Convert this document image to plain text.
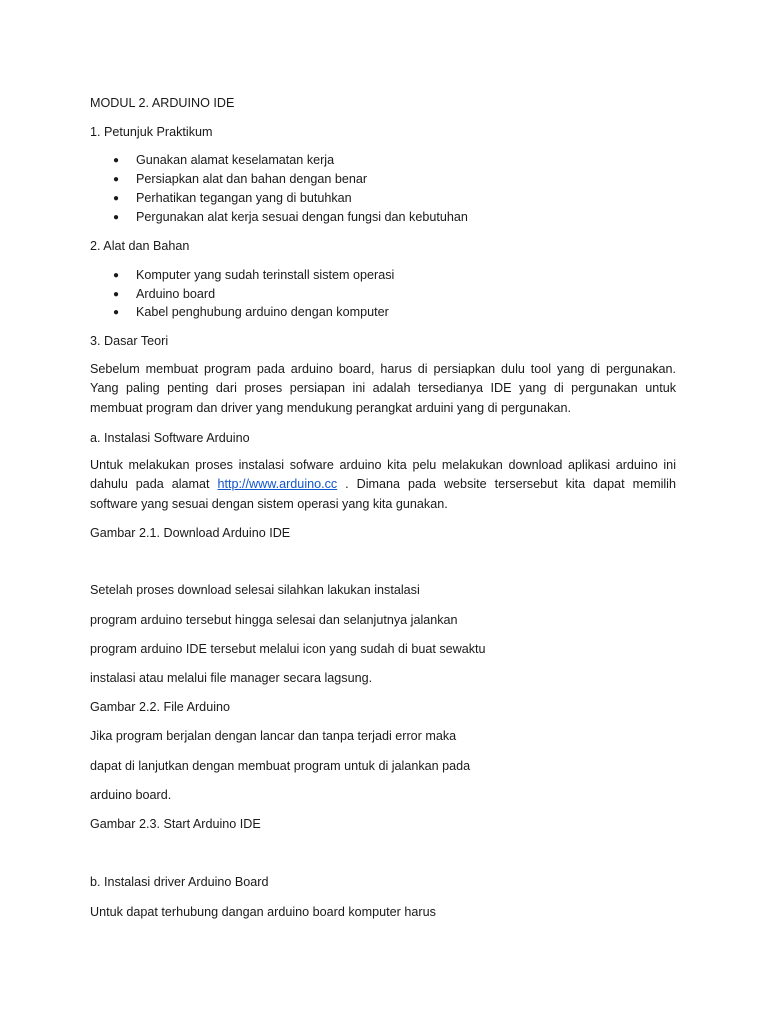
MODUL 2. ARDUINO IDE
1. Petunjuk Praktikum
● Gunakan alamat keselamatan kerja
● Persiapkan alat dan bahan dengan benar
● Perhatikan tegangan yang di butuhkan
● Pergunakan alat kerja sesuai dengan fungsi dan kebutuhan
2. Alat dan Bahan
● Komputer yang sudah terinstall sistem operasi
● Arduino board
● Kabel penghubung arduino dengan komputer
3. Dasar Teori
Sebelum membuat program pada arduino board, harus di persiapkan dulu tool yang di pergunakan. Yang paling penting dari proses persiapan ini adalah tersedianya IDE yang di pergunakan untuk membuat program dan driver yang mendukung perangkat arduini yang di pergunakan.
a. Instalasi Software Arduino
Untuk melakukan proses instalasi sofware arduino kita pelu melakukan download aplikasi arduino ini dahulu pada alamat http://www.arduino.cc . Dimana pada website tersersebut kita dapat memilih software yang sesuai dengan sistem operasi yang kita gunakan.
Gambar 2.1. Download Arduino IDE
Setelah proses download selesai silahkan lakukan instalasi
program arduino tersebut hingga selesai dan selanjutnya jalankan
program arduino IDE tersebut melalui icon yang sudah di buat sewaktu
instalasi atau melalui file manager secara lagsung.
Gambar 2.2. File Arduino
Jika program berjalan dengan lancar dan tanpa terjadi error maka
dapat di lanjutkan dengan membuat program untuk di jalankan pada
arduino board.
Gambar 2.3. Start Arduino IDE
b. Instalasi driver Arduino Board
Untuk dapat terhubung dangan arduino board komputer harus
